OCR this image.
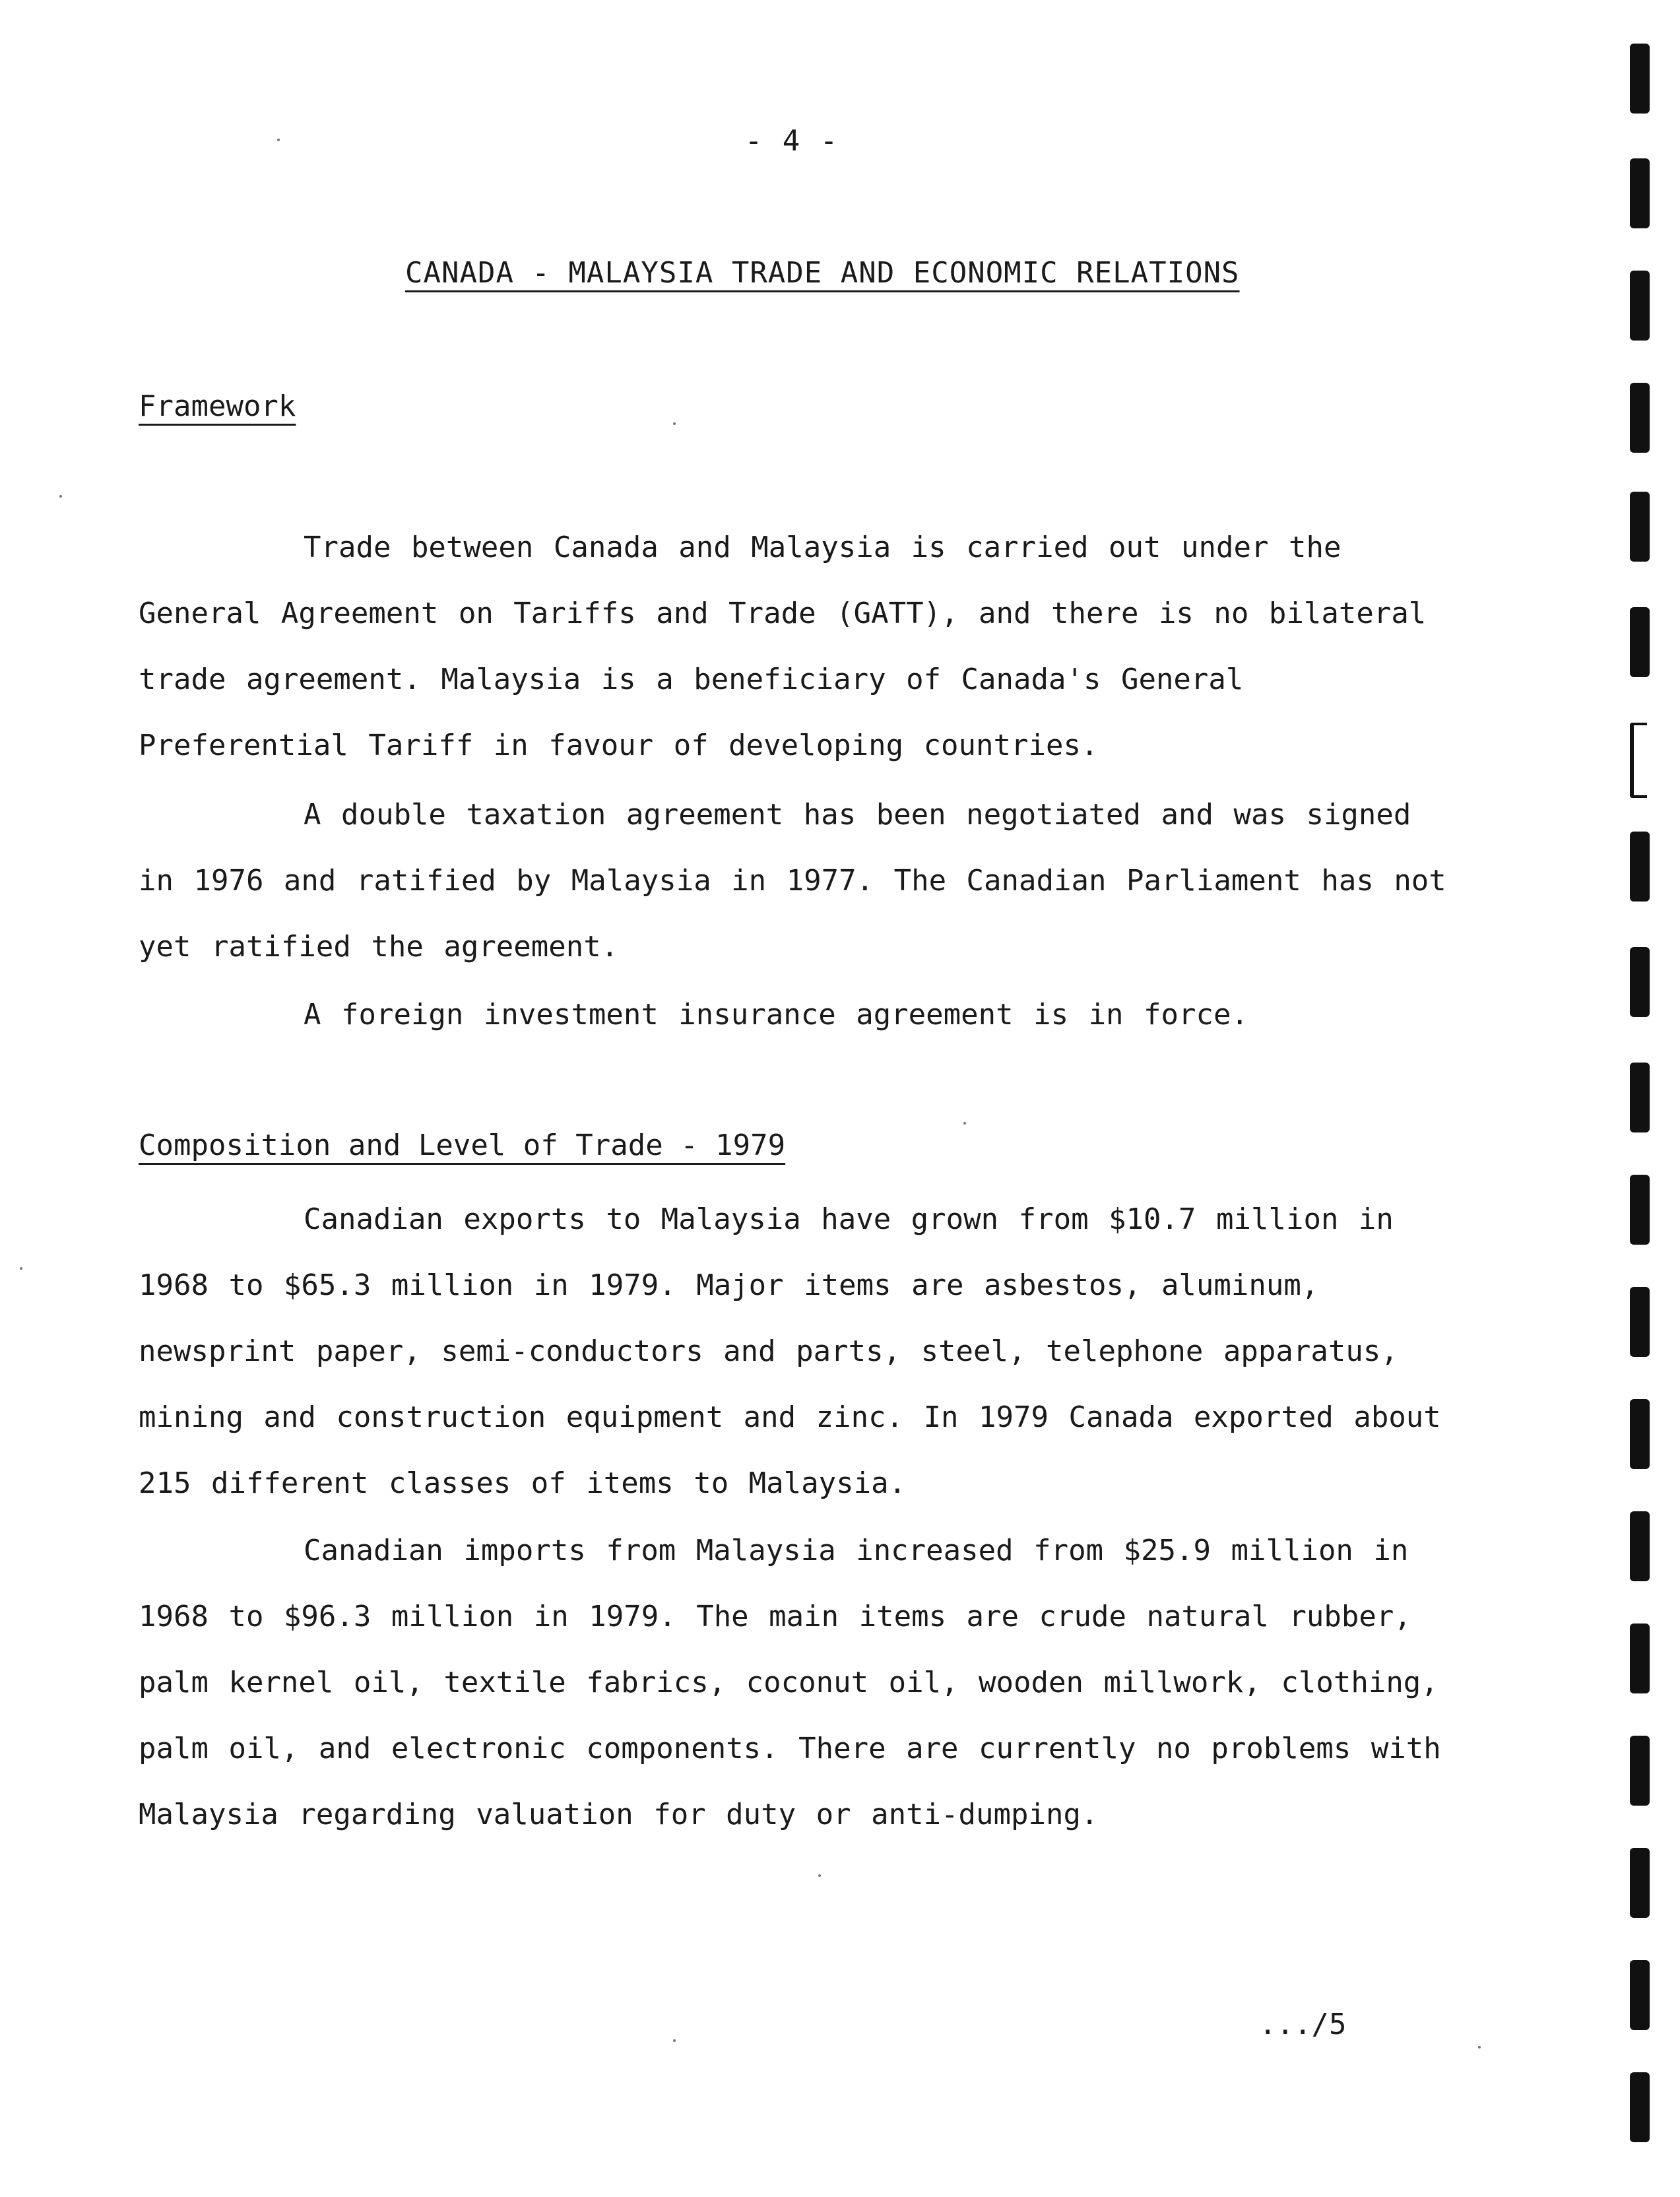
- 4 -
CANADA - MALAYSIA TRADE AND ECONOMIC RELATIONS
Framework

Trade between Canada and Malaysia is carried out under the General Agreement on Tariffs and Trade (GATT), and there is no bilateral trade agreement. Malaysia is a beneficiary of Canada's General Preferential Tariff in favour of developing countries.

A double taxation agreement has been negotiated and was signed in 1976 and ratified by Malaysia in 1977. The Canadian Parliament has not yet ratified the agreement.

A foreign investment insurance agreement is in force.

Composition and Level of Trade - 1979

Canadian exports to Malaysia have grown from $10.7 million in 1968 to $65.3 million in 1979. Major items are asbestos, aluminum, newsprint paper, semi-conductors and parts, steel, telephone apparatus, mining and construction equipment and zinc. In 1979 Canada exported about 215 different classes of items to Malaysia.

Canadian imports from Malaysia increased from $25.9 million in 1968 to $96.3 million in 1979. The main items are crude natural rubber, palm kernel oil, textile fabrics, coconut oil, wooden millwork, clothing, palm oil, and electronic components. There are currently no problems with Malaysia regarding valuation for duty or anti-dumping.

.../5
